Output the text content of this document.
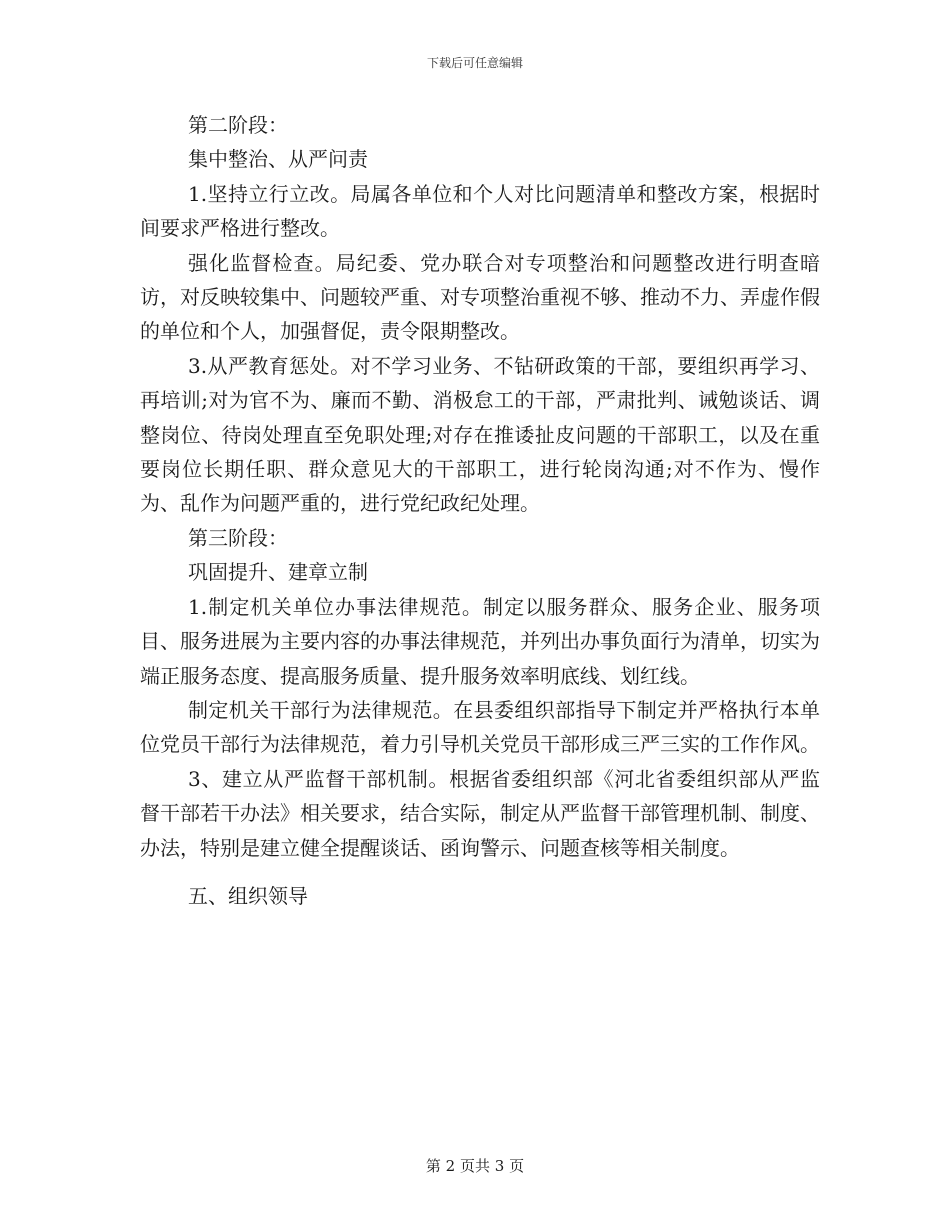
下载后可任意编辑

第二阶段：

集中整治、从严问责

1.坚持立行立改。局属各单位和个人对比问题清单和整改方案，根据时间要求严格进行整改。

强化监督检查。局纪委、党办联合对专项整治和问题整改进行明查暗访，对反映较集中、问题较严重、对专项整治重视不够、推动不力、弄虚作假的单位和个人，加强督促，责令限期整改。

3.从严教育惩处。对不学习业务、不钻研政策的干部，要组织再学习、再培训;对为官不为、廉而不勤、消极怠工的干部，严肃批判、诫勉谈话、调整岗位、待岗处理直至免职处理;对存在推诿扯皮问题的干部职工，以及在重要岗位长期任职、群众意见大的干部职工，进行轮岗沟通;对不作为、慢作为、乱作为问题严重的，进行党纪政纪处理。

第三阶段：

巩固提升、建章立制

1.制定机关单位办事法律规范。制定以服务群众、服务企业、服务项目、服务进展为主要内容的办事法律规范，并列出办事负面行为清单，切实为端正服务态度、提高服务质量、提升服务效率明底线、划红线。

制定机关干部行为法律规范。在县委组织部指导下制定并严格执行本单位党员干部行为法律规范，着力引导机关党员干部形成三严三实的工作作风。

3、建立从严监督干部机制。根据省委组织部《河北省委组织部从严监督干部若干办法》相关要求，结合实际，制定从严监督干部管理机制、制度、办法，特别是建立健全提醒谈话、函询警示、问题查核等相关制度。

五、组织领导

第 2 页共 3 页
